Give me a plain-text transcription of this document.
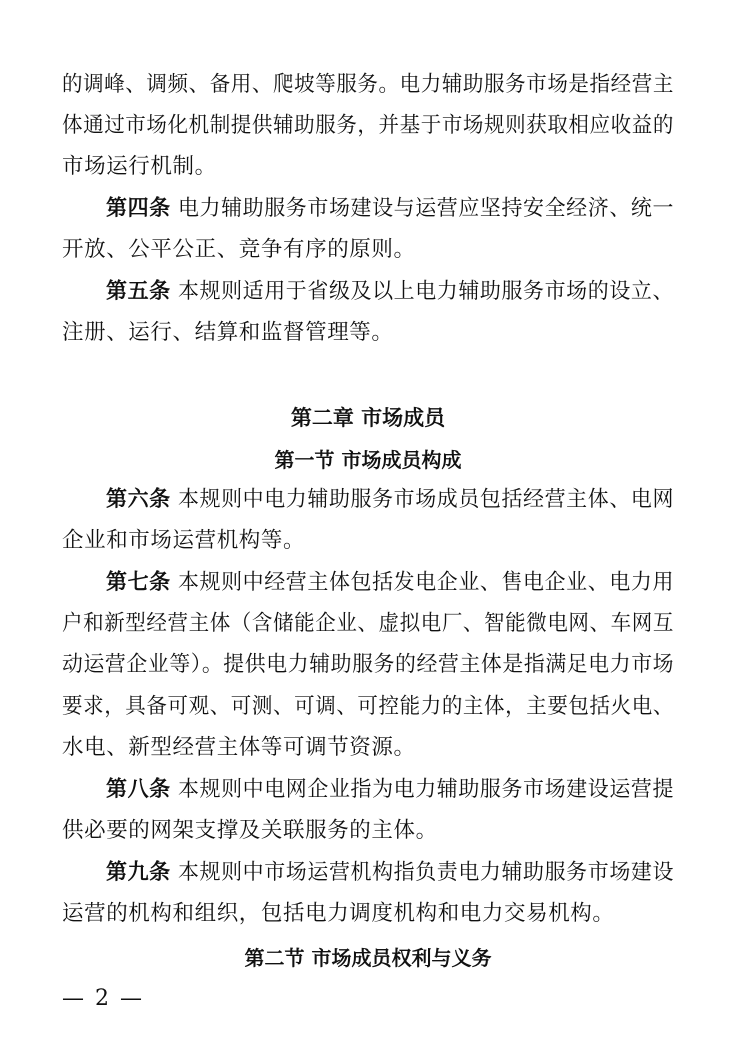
的调峰、调频、备用、爬坡等服务。电力辅助服务市场是指经营主
体通过市场化机制提供辅助服务，并基于市场规则获取相应收益的
市场运行机制。
第四条 电力辅助服务市场建设与运营应坚持安全经济、统一
开放、公平公正、竞争有序的原则。
第五条 本规则适用于省级及以上电力辅助服务市场的设立、
注册、运行、结算和监督管理等。
第二章 市场成员
第一节 市场成员构成
第六条 本规则中电力辅助服务市场成员包括经营主体、电网
企业和市场运营机构等。
第七条 本规则中经营主体包括发电企业、售电企业、电力用
户和新型经营主体（含储能企业、虚拟电厂、智能微电网、车网互
动运营企业等）。提供电力辅助服务的经营主体是指满足电力市场
要求，具备可观、可测、可调、可控能力的主体，主要包括火电、
水电、新型经营主体等可调节资源。
第八条 本规则中电网企业指为电力辅助服务市场建设运营提
供必要的网架支撑及关联服务的主体。
第九条 本规则中市场运营机构指负责电力辅助服务市场建设
运营的机构和组织，包括电力调度机构和电力交易机构。
第二节 市场成员权利与义务
— 2 —
